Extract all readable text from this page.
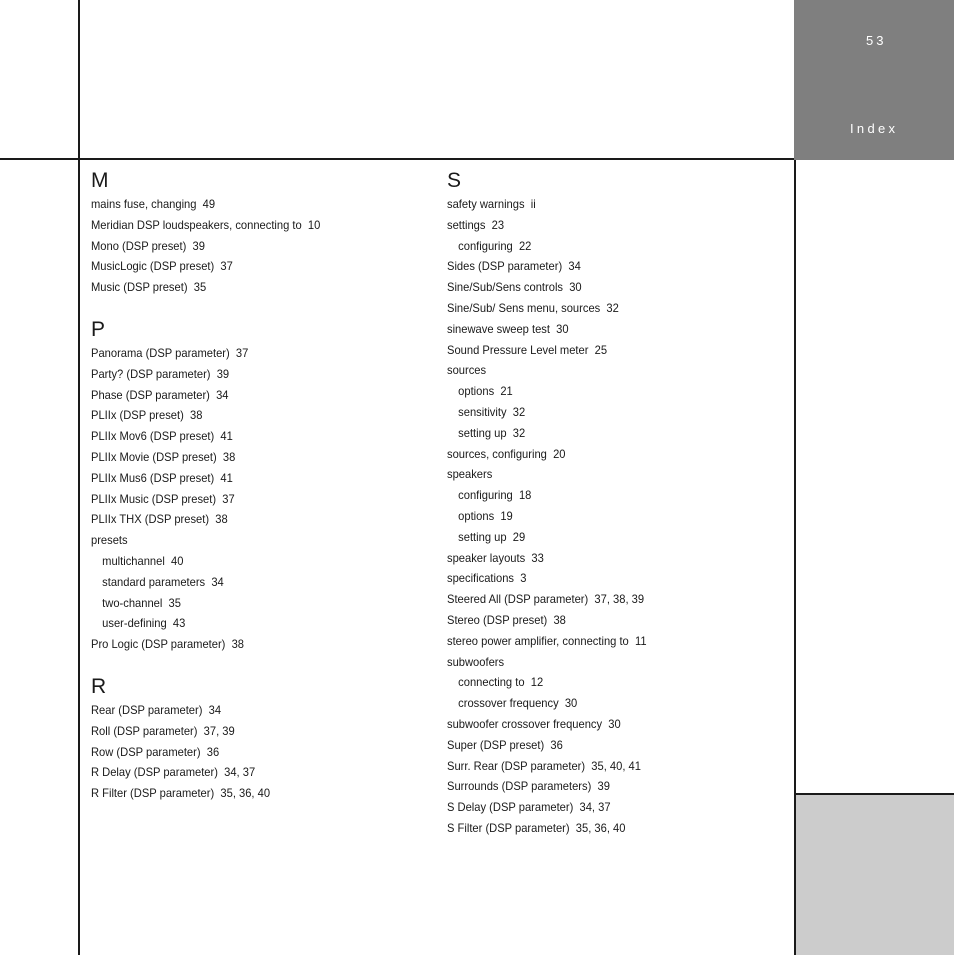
53
Index
M
mains fuse, changing  49
Meridian DSP loudspeakers, connecting to  10
Mono (DSP preset)  39
MusicLogic (DSP preset)  37
Music (DSP preset)  35
P
Panorama (DSP parameter)  37
Party? (DSP parameter)  39
Phase (DSP parameter)  34
PLIIx (DSP preset)  38
PLIIx Mov6 (DSP preset)  41
PLIIx Movie (DSP preset)  38
PLIIx Mus6 (DSP preset)  41
PLIIx Music (DSP preset)  37
PLIIx THX (DSP preset)  38
presets
multichannel  40
standard parameters  34
two-channel  35
user-defining  43
Pro Logic (DSP parameter)  38
R
Rear (DSP parameter)  34
Roll (DSP parameter)  37, 39
Row (DSP parameter)  36
R Delay (DSP parameter)  34, 37
R Filter (DSP parameter)  35, 36, 40
S
safety warnings  ii
settings  23
configuring  22
Sides (DSP parameter)  34
Sine/Sub/Sens controls  30
Sine/Sub/ Sens menu, sources  32
sinewave sweep test  30
Sound Pressure Level meter  25
sources
options  21
sensitivity  32
setting up  32
sources, configuring  20
speakers
configuring  18
options  19
setting up  29
speaker layouts  33
specifications  3
Steered All (DSP parameter)  37, 38, 39
Stereo (DSP preset)  38
stereo power amplifier, connecting to  11
subwoofers
connecting to  12
crossover frequency  30
subwoofer crossover frequency  30
Super (DSP preset)  36
Surr. Rear (DSP parameter)  35, 40, 41
Surrounds (DSP parameters)  39
S Delay (DSP parameter)  34, 37
S Filter (DSP parameter)  35, 36, 40
